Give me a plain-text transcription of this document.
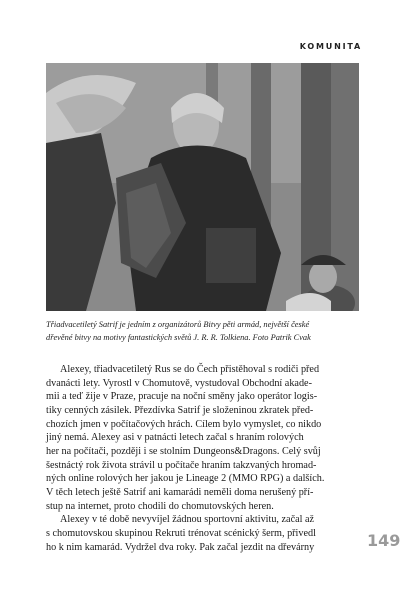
KOMUNITA
Třiadvacetiletý Satrif je jedním z organizátorů Bitvy pěti armád, největší české
dřevěné bitvy na motivy fantastických světů J. R. R. Tolkiena. Foto Patrik Cvak

Alexey, třiadvacetiletý Rus se do Čech přistěhoval s rodiči před
dvanácti lety. Vyrostl v Chomutově, vystudoval Obchodní akade-
mii a teď žije v Praze, pracuje na noční směny jako operátor logis-
tiky cenných zásilek. Přezdívka Satrif je složeninou zkratek před-
chozích jmen v počítačových hrách. Cílem bylo vymyslet, co nikdo
jiný nemá. Alexey asi v patnácti letech začal s hraním rolových
her na počítači, později i se stolním Dungeons&Dragons. Celý svůj
šestnáctý rok života strávil u počítače hraním takzvaných hromad-
ných online rolových her jakou je Lineage 2 (MMO RPG) a dalších.
V těch letech ještě Satrif ani kamarádi neměli doma nerušený pří-
stup na internet, proto chodili do chomutovských heren.

Alexey v té době nevyvíjel žádnou sportovní aktivitu, začal až
s chomutovskou skupinou Rekruti trénovat scénický šerm, přivedl
ho k nim kamarád. Vydržel dva roky. Pak začal jezdit na dřevárny	149
